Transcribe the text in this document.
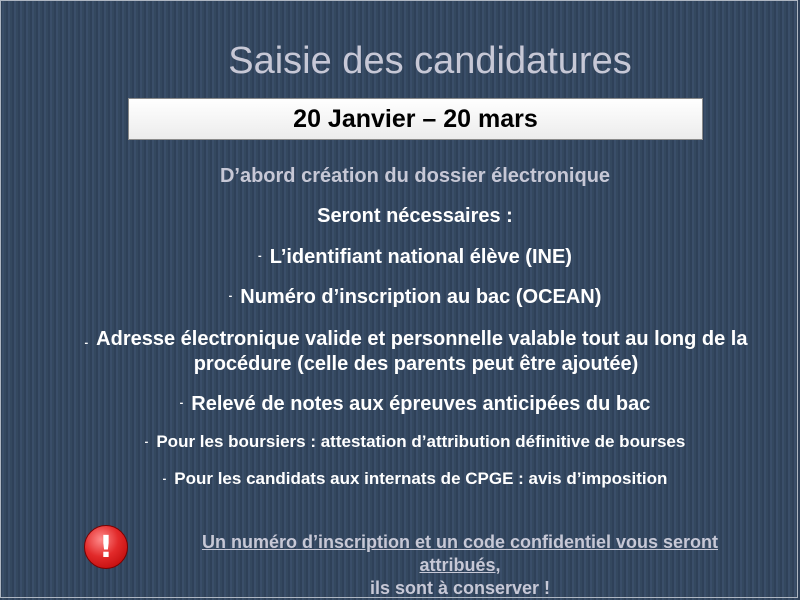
Saisie des candidatures
20 Janvier – 20 mars
D’abord création du dossier électronique
Seront nécessaires :
- L’identifiant national élève (INE)
- Numéro d’inscription au bac (OCEAN)
- Adresse électronique valide et personnelle valable tout au long de la procédure (celle des parents peut être ajoutée)
- Relevé de notes aux épreuves anticipées du bac
- Pour les boursiers : attestation d’attribution définitive de bourses
- Pour les candidats aux internats de CPGE : avis d’imposition
!	Un numéro d’inscription et un code confidentiel vous seront attribués,
ils sont à conserver !
